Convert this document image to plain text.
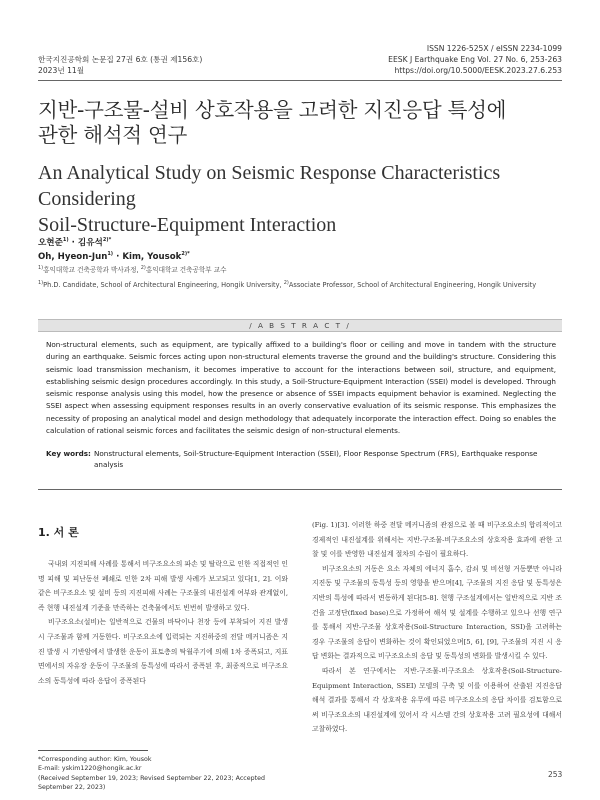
한국지진공학회 논문집 27권 6호 (통권 제156호)
2023년 11월
ISSN 1226-525X / eISSN 2234-1099
EESK J Earthquake Eng Vol. 27 No. 6, 253-263
https://doi.org/10.5000/EESK.2023.27.6.253
지반-구조물-설비 상호작용을 고려한 지진응답 특성에
관한 해석적 연구
An Analytical Study on Seismic Response Characteristics Considering
Soil-Structure-Equipment Interaction
오현준$^{1)}$ · 김유석$^{2)*}$
Oh, Hyeon-Jun$^{1)}$ · Kim, Yousok$^{2)*}$
$^{1)}$홍익대학교 건축공학과 박사과정, $^{2)}$홍익대학교 건축공학부 교수
$^{1)}$Ph.D. Candidate, School of Architectural Engineering, Hongik University, $^{2)}$Associate Professor, School of Architectural Engineering, Hongik University
/ A B S T R A C T /
Non-structural elements, such as equipment, are typically affixed to a building's floor or ceiling and move in tandem with the structure during an earthquake. Seismic forces acting upon non-structural elements traverse the ground and the building's structure. Considering this seismic load transmission mechanism, it becomes imperative to account for the interactions between soil, structure, and equipment, establishing seismic design procedures accordingly. In this study, a Soil-Structure-Equipment Interaction (SSEI) model is developed. Through seismic response analysis using this model, how the presence or absence of SSEI impacts equipment behavior is examined. Neglecting the SSEI aspect when assessing equipment responses results in an overly conservative evaluation of its seismic response. This emphasizes the necessity of proposing an analytical model and design methodology that adequately incorporate the interaction effect. Doing so enables the calculation of rational seismic forces and facilitates the seismic design of non-structural elements.
Key words: Nonstructural elements, Soil-Structure-Equipment Interaction (SSEI), Floor Response Spectrum (FRS), Earthquake response analysis
1. 서 론

국내외 지진피해 사례를 통해서 비구조요소의 파손 및 탈락으로 인한 직접적인 인명 피해 및 피난동선 폐쇄로 인한 2차 피해 발생 사례가 보고되고 있다[1, 2]. 이와 같은 비구조요소 및 설비 등의 지진피해 사례는 구조물의 내진설계 여부와 관계없이, 즉 현행 내진설계 기준을 만족하는 건축물에서도 빈번히 발생하고 있다.

비구조요소(설비)는 일반적으로 건물의 바닥이나 천장 등에 부착되어 지진 발생 시 구조물과 함께 거동한다. 비구조요소에 입력되는 지진하중의 전달 메커니즘은 지진 발생 시 기반암에서 발생한 운동이 표토층의 탁월주기에 의해 1차 증폭되고, 지표면에서의 자유장 운동이 구조물의 동특성에 따라서 증폭된 후, 최종적으로 비구조요소의 동특성에 따라 응답이 증폭된다

*Corresponding author: Kim, Yousok
E-mail: yskim1220@hongik.ac.kr
(Received September 19, 2023; Revised September 22, 2023; Accepted September 22, 2023)

(Fig. 1)[3]. 이러한 하중 전달 메커니즘의 관점으로 볼 때 비구조요소의 합리적이고 경제적인 내진설계를 위해서는 지반-구조물-비구조요소의 상호작용 효과에 관한 고찰 및 이를 반영한 내진설계 절차의 수립이 필요하다.

비구조요소의 거동은 요소 자체의 에너지 흡수, 감쇠 및 비선형 거동뿐만 아니라 지진동 및 구조물의 동특성 등의 영향을 받으며[4], 구조물의 지진 응답 및 동특성은 지반의 특성에 따라서 변동하게 된다[5-8]. 현행 구조설계에서는 일반적으로 지반 조건을 고정단(fixed base)으로 가정하여 해석 및 설계를 수행하고 있으나 선행 연구를 통해서 지반-구조물 상호작용(Soil-Structure Interaction, SSI)을 고려하는 경우 구조물의 응답이 변화하는 것이 확인되었으며[5, 6], [9], 구조물의 지진 시 응답 변화는 결과적으로 비구조요소의 응답 및 동특성의 변화를 발생시킬 수 있다.

따라서 본 연구에서는 지반-구조물-비구조요소 상호작용(Soil-Structure-Equipment Interaction, SSEI) 모델의 구축 및 이를 이용하여 산출된 지진응답해석 결과를 통해서 각 상호작용 유무에 따른 비구조요소의 응답 차이를 검토함으로써 비구조요소의 내진설계에 있어서 각 시스템 간의 상호작용 고려 필요성에 대해서 고찰하였다.

253
